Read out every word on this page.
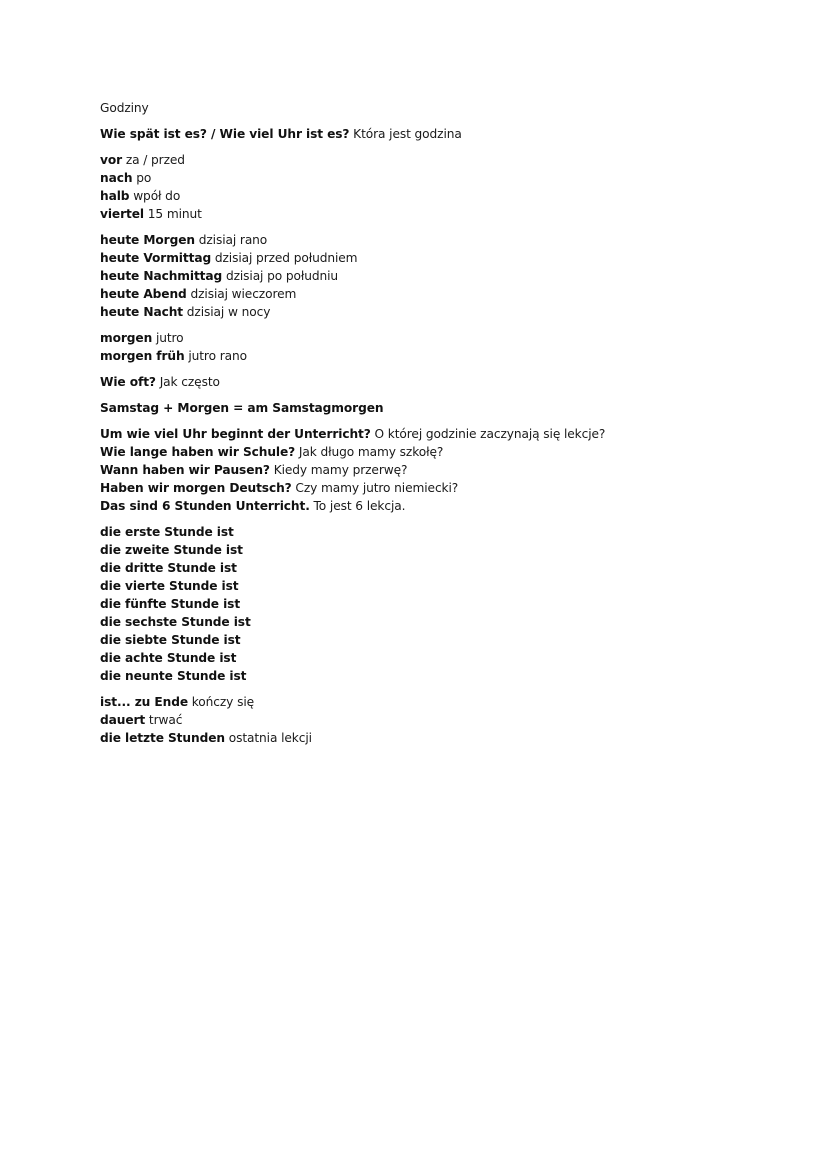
Godziny
Wie spät ist es? / Wie viel Uhr ist es? Która jest godzina
vor za / przed
nach po
halb wpół do
viertel 15 minut
heute Morgen dzisiaj rano
heute Vormittag dzisiaj przed południem
heute Nachmittag dzisiaj po południu
heute Abend dzisiaj wieczorem
heute Nacht dzisiaj w nocy
morgen jutro
morgen früh jutro rano
Wie oft? Jak często
Samstag + Morgen = am Samstagmorgen
Um wie viel Uhr beginnt der Unterricht? O której godzinie zaczynają się lekcje?
Wie lange haben wir Schule? Jak długo mamy szkołę?
Wann haben wir Pausen? Kiedy mamy przerwę?
Haben wir morgen Deutsch? Czy mamy jutro niemiecki?
Das sind 6 Stunden Unterricht. To jest 6 lekcja.
die erste Stunde ist
die zweite Stunde ist
die dritte Stunde ist
die vierte Stunde ist
die fünfte Stunde ist
die sechste Stunde ist
die siebte Stunde ist
die achte Stunde ist
die neunte Stunde ist
ist... zu Ende kończy się
dauert trwać
die letzte Stunden ostatnia lekcji
